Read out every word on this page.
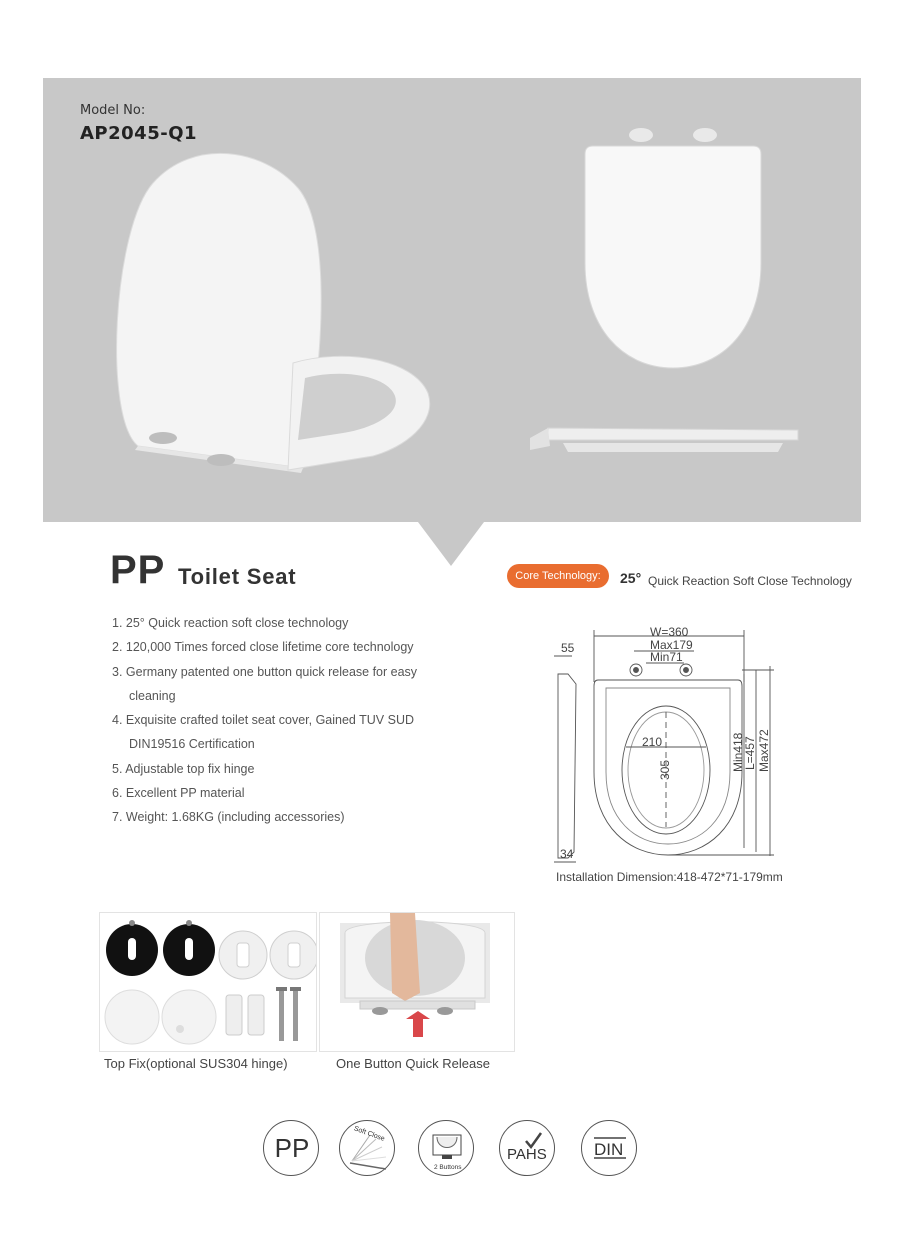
Model No:
AP2045-Q1
PP Toilet Seat	Core Technology:	25° Quick Reaction Soft Close Technology
1. 25° Quick reaction soft close technology
2. 120,000 Times forced close lifetime core technology
3. Germany patented one button quick release for easy
cleaning
4. Exquisite crafted toilet seat cover, Gained TUV SUD
DIN19516 Certification
5. Adjustable top fix hinge
6. Excellent PP material
7. Weight: 1.68KG (including accessories)
W=360
Max179
Min71
55
210
305	Min418
L=457 Max472
34
Installation Dimension:418-472*71-179mm
Top Fix(optional SUS304 hinge)	One Button Quick Release
PP	Soft Close
2 Buttons
PAHS	DIN
